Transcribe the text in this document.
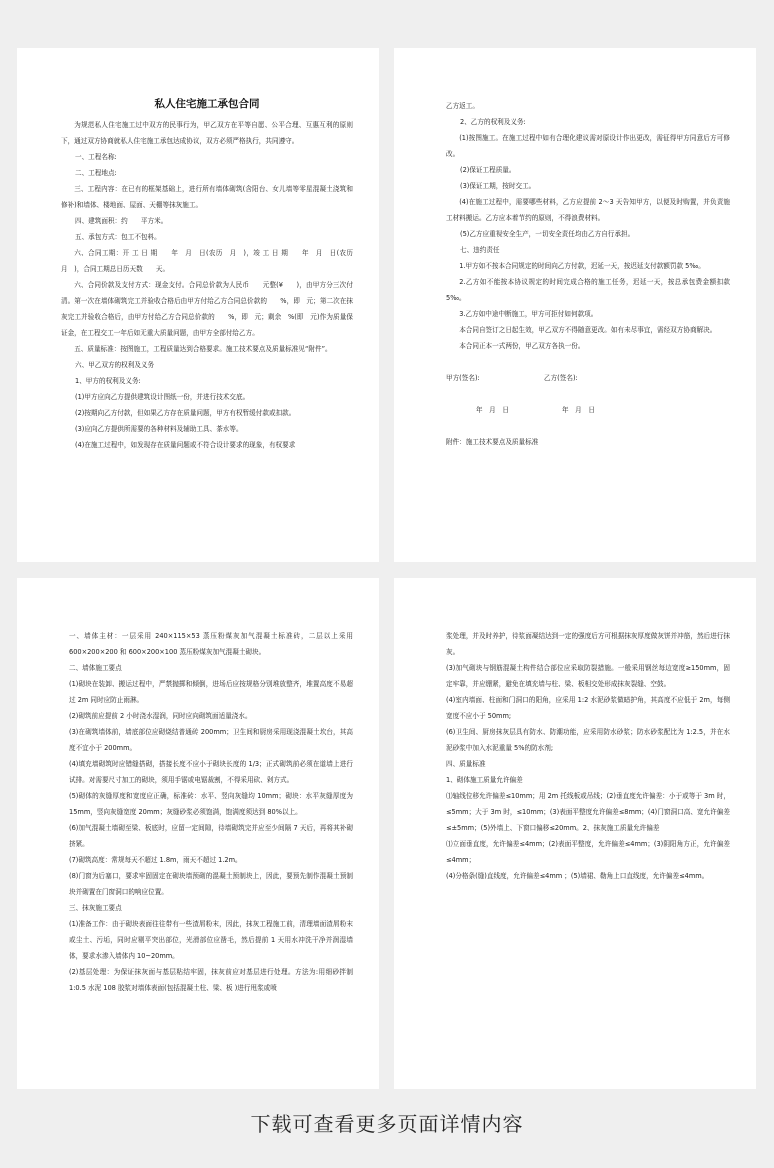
私人住宅施工承包合同

为规范私人住宅施工过中双方的民事行为，甲乙双方在平等自愿、公平合理、互惠互利的原则下，通过双方协商就私人住宅施工承包达成协议，双方必须严格执行，共同遵守。

一、工程名称:

二、工程地点:

三、工程内容：在已有的框架基础上，进行所有墙体砌筑(含阳台、女儿墙等零星混凝土浇筑和修补)和墙体、楼地面、屋面、天棚等抹灰施工。

四、建筑面积：约　　平方米。

五、承包方式：包工不包料。

六、合同工期：开 工 日 期　　年　月　日(农历　月　)，竣 工 日 期　　年　月　日(农历　月　)，合同工期总日历天数　　天。

六、合同价款及支付方式：现金支付。合同总价款为人民币　　元整(¥　　)，由甲方分三次付清。第一次在墙体砌筑完工并验收合格后由甲方付给乙方合同总价款的　　%，即　元；第二次在抹灰完工并验收合格后，由甲方付给乙方合同总价款的　　%，即　元；剩余　%(即　元)作为质量保证金，在工程交工一年后如无重大质量问题，由甲方全部付给乙方。

五、质量标准：按图施工，工程质量达到合格要求。施工技术要点及质量标准见“附件”。

六、甲乙双方的权利及义务

1、甲方的权利及义务:

(1)甲方应向乙方提供建筑设计图纸一份，并进行技术交底。

(2)按期向乙方付款，但如果乙方存在质量问题，甲方有权暂缓付款或扣款。

(3)应向乙方提供所需要的各种材料及辅助工具、茶水等。

(4)在施工过程中，如发现存在质量问题或不符合设计要求的现象，有权要求

乙方返工。

2、乙方的权利及义务:

(1)按图施工。在施工过程中如有合理化建议需对原设计作出更改，需征得甲方同意后方可修改。

(2)保证工程质量。

(3)保证工期，按时交工。

(4)在施工过程中，需要哪些材料，乙方应提前 2～3 天告知甲方，以便及时购置，并负责施工材料搬运。乙方应本着节约的原则，不得浪费材料。

(5)乙方应重视安全生产，一切安全责任均由乙方自行承担。

七、违约责任

1.甲方如不按本合同规定的时间向乙方付款，迟延一天，按迟延支付款额罚款 5‰。

2.乙方如不能按本协议规定的时间完成合格的施工任务，迟延一天，按总承包费金额扣款 5‰。

3.乙方如中途中断施工，甲方可拒付如何款项。

本合同自签订之日起生效，甲乙双方不得随意更改。如有未尽事宜，需经双方协商解决。

本合同正本一式两份，甲乙双方各执一份。

甲方(签名):	乙方(签名):
年　月　日	年　月　日

附件：施工技术要点及质量标准

一、墙体主材：一层采用 240×115×53 蒸压粉煤灰加气混凝土标准砖，二层以上采用 600×200×200 和 600×200×100 蒸压粉煤灰加气混凝土砌块。

二、墙体施工要点

(1)砌块在装卸、搬运过程中，严禁抛掷和倾倒，进场后应按规格分别堆放整齐，堆置高度不易超过 2m 同时应防止雨淋。

(2)砌筑前应提前 2 小时浇水湿润，同时应向砌筑面适量浇水。

(3)在砌筑墙体前，墙底部位应砌烧结普通砖 200mm；卫生间和厨房采用现浇混凝土坎台，其高度不宜小于 200mm。

(4)填充墙砌筑时应错缝搭砌，搭接长度不应小于砌块长度的 1/3；正式砌筑前必须在道墙上进行试排。对需要尺寸加工的砌块，须用手锯或电锯裁割，不得采用砍、剁方式。

(5)砌体的灰缝厚度和宽度应正确，标准砖：水平、竖向灰缝均 10mm；砌块：水平灰缝厚度为 15mm，竖向灰缝宽度 20mm；灰缝砂浆必须饱满，饱满度须达到 80%以上。

(6)加气混凝土墙砌至梁、板底时，应留一定间隙，待墙砌筑完并应至少间隔 7 天后，再将其补砌挤紧。

(7)砌筑高度：常规每天不超过 1.8m，雨天不超过 1.2m。

(8)门窗为后塞口，要求牢固固定在砌块墙预砌的混凝土预制块上，因此，要预先制作混凝土预制块并砌置在门窗洞口的响应位置。

三、抹灰施工要点

(1)准备工作：由于砌块表面往往带有一些渣屑粉末，因此，抹灰工程施工前，清理墙面渣屑粉末或尘土、污垢，同时应剔平突出部位，光滑部位应凿毛，然后提前 1 天用水冲洗干净并润湿墙体，要求水渗入墙体内 10~20mm。

(2)基层处理：为保证抹灰面与基层粘结牢固，抹灰前应对基层进行处理。方法为:用细砂拌制 1:0.5 水泥 108 胶浆对墙体表面(包括混凝土柱、梁、板 )进行甩浆或喷

浆处理，并及时养护，待浆面凝结达到一定的强度后方可根据抹灰厚度做灰饼并冲筋，然后进行抹灰。

(3)加气砌块与钢筋混凝土构件结合部位应采取防裂措施。一般采用钢丝每边宽度≥150mm，固定牢靠，并应绷紧，避免在填充墙与柱、梁、板相交处形成抹灰裂缝、空鼓。

(4)室内墙面、柱面和门洞口的阳角，应采用 1:2 水泥砂浆做暗护角，其高度不应低于 2m，每侧宽度不应小于 50mm;

(6)卫生间、厨房抹灰层具有防水、防潮功能，应采用防水砂浆；防水砂浆配比为 1:2.5，并在水泥砂浆中加入水泥重量 5%的防水剂;

四、质量标准

1、砌体施工质量允许偏差

⑴轴线位移允许偏差≤10mm；用 2m 托线板或吊线；(2)垂直度允许偏差：小于或等于 3m 时，≤5mm；大于 3m 时，≤10mm；(3)表面平整度允许偏差≤8mm；(4)门窗洞口高、宽允许偏差≤±5mm；(5)外墙上、下窗口偏移≤20mm。2、抹灰施工质量允许偏差

⑴立面垂直度，允许偏差≤4mm；(2)表面平整度，允许偏差≤4mm；(3)阴阳角方正，允许偏差≤4mm；

(4)分格条(缝)直线度，允许偏差≤4mm ；(5)墙裙、勒角上口直线度，允许偏差≤4mm。

下载可查看更多页面详情内容
